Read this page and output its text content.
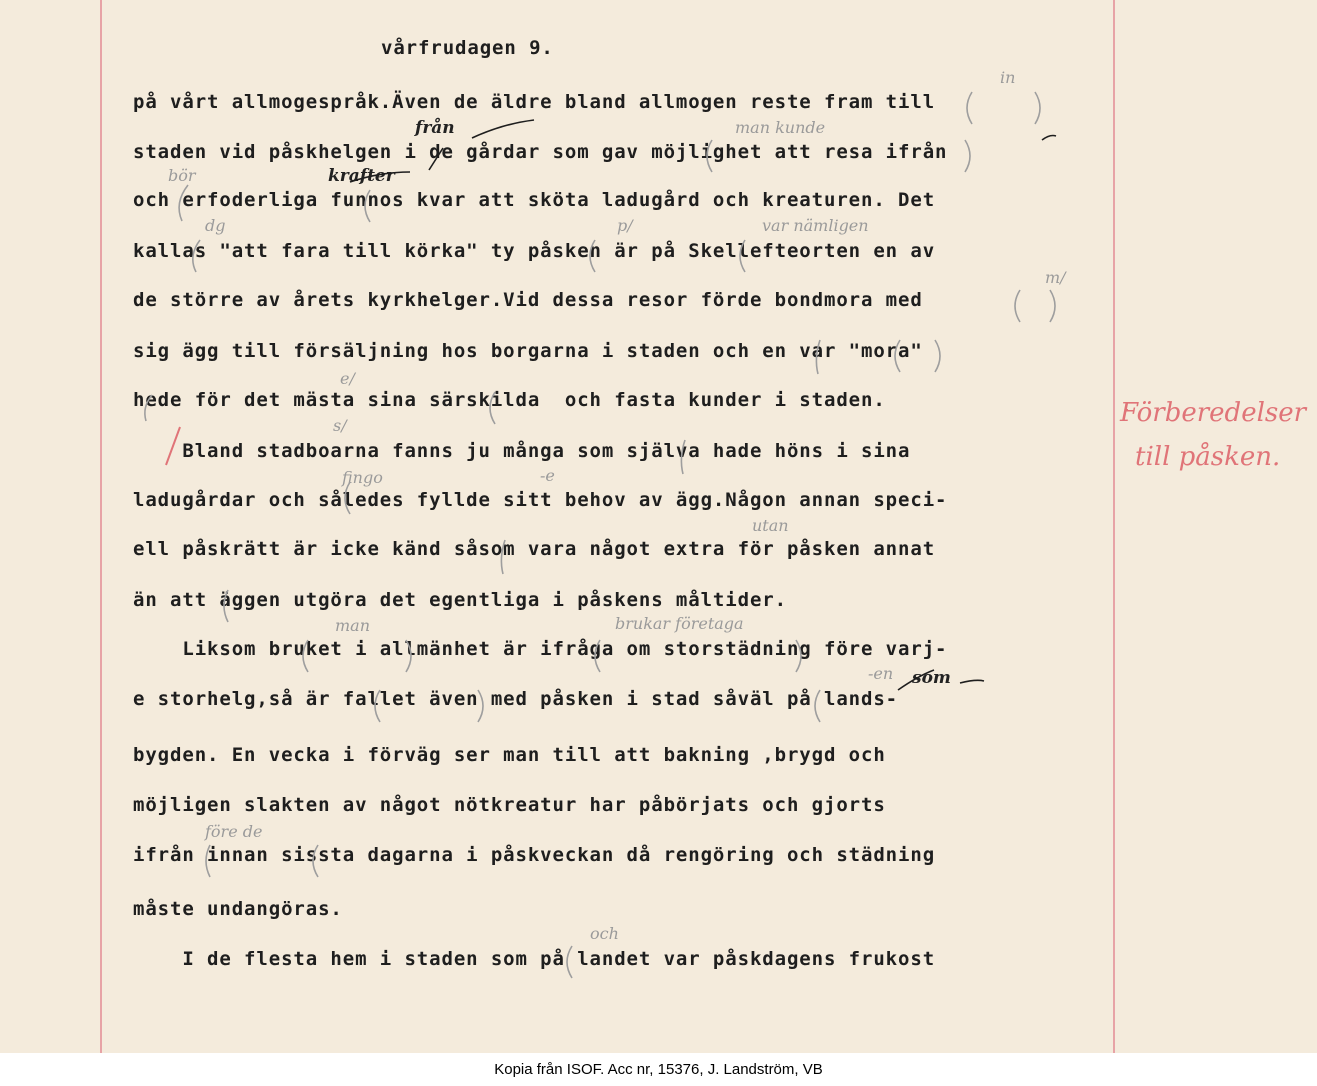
vårfrudagen 9.
på vårt allmogespråk.Även de äldre bland allmogen reste fram till
staden vid påskhelgen i de gårdar som gav möjlighet att resa ifrån
och erfoderliga funnos kvar att sköta ladugård och kreaturen. Det
kallas "att fara till körka" ty påsken är på Skellefteorten en av
de större av årets kyrkhelger.Vid dessa resor förde bondmora med
sig ägg till försäljning hos borgarna i staden och en var "mora"
hede för det mästa sina särskilda  och fasta kunder i staden.
Bland stadboarna fanns ju många som själva hade höns i sina
ladugårdar och således fyllde sitt behov av ägg.Någon annan speci-
ell påskrätt är icke känd såsom vara något extra för påsken annat
än att äggen utgöra det egentliga i påskens måltider.
Liksom bruket i allmänhet är ifråga om storstädning före varj-
e storhelg,så är fallet även med påsken i stad såväl på lands-
bygden. En vecka i förväg ser man till att bakning ,brygd och
möjligen slakten av något nötkreatur har påbörjats och gjorts
ifrån innan sissta dagarna i påskveckan då rengöring och städning
måste undangöras.
I de flesta hem i staden som på landet var påskdagens frukost
in
från	man kunde
bör	krafter
dg	p/	var nämligen
m/
e/
s/
fingo	-e
utan
man	brukar företaga
-en som
före de
och
Förberedelser
till påsken.
Kopia från ISOF. Acc nr, 15376, J. Landström, VB
